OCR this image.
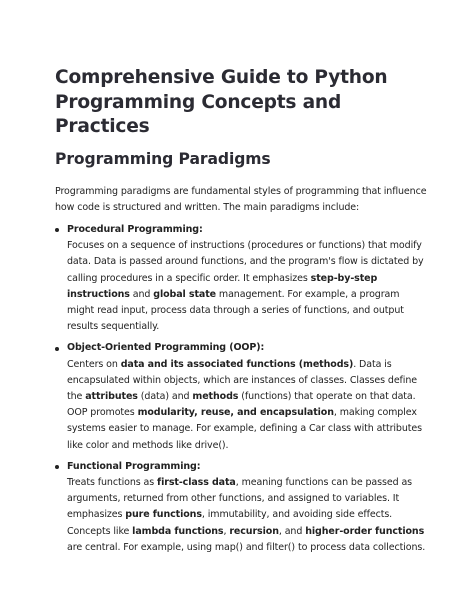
Comprehensive Guide to Python Programming Concepts and Practices
Programming Paradigms

Programming paradigms are fundamental styles of programming that influence how code is structured and written. The main paradigms include:

Procedural Programming:
Focuses on a sequence of instructions (procedures or functions) that modify data. Data is passed around functions, and the program's flow is dictated by calling procedures in a specific order. It emphasizes step-by-step instructions and global state management. For example, a program might read input, process data through a series of functions, and output results sequentially.
Object-Oriented Programming (OOP):
Centers on data and its associated functions (methods). Data is encapsulated within objects, which are instances of classes. Classes define the attributes (data) and methods (functions) that operate on that data. OOP promotes modularity, reuse, and encapsulation, making complex systems easier to manage. For example, defining a Car class with attributes like color and methods like drive().
Functional Programming:
Treats functions as first-class data, meaning functions can be passed as arguments, returned from other functions, and assigned to variables. It emphasizes pure functions, immutability, and avoiding side effects. Concepts like lambda functions, recursion, and higher-order functions are central. For example, using map() and filter() to process data collections.
